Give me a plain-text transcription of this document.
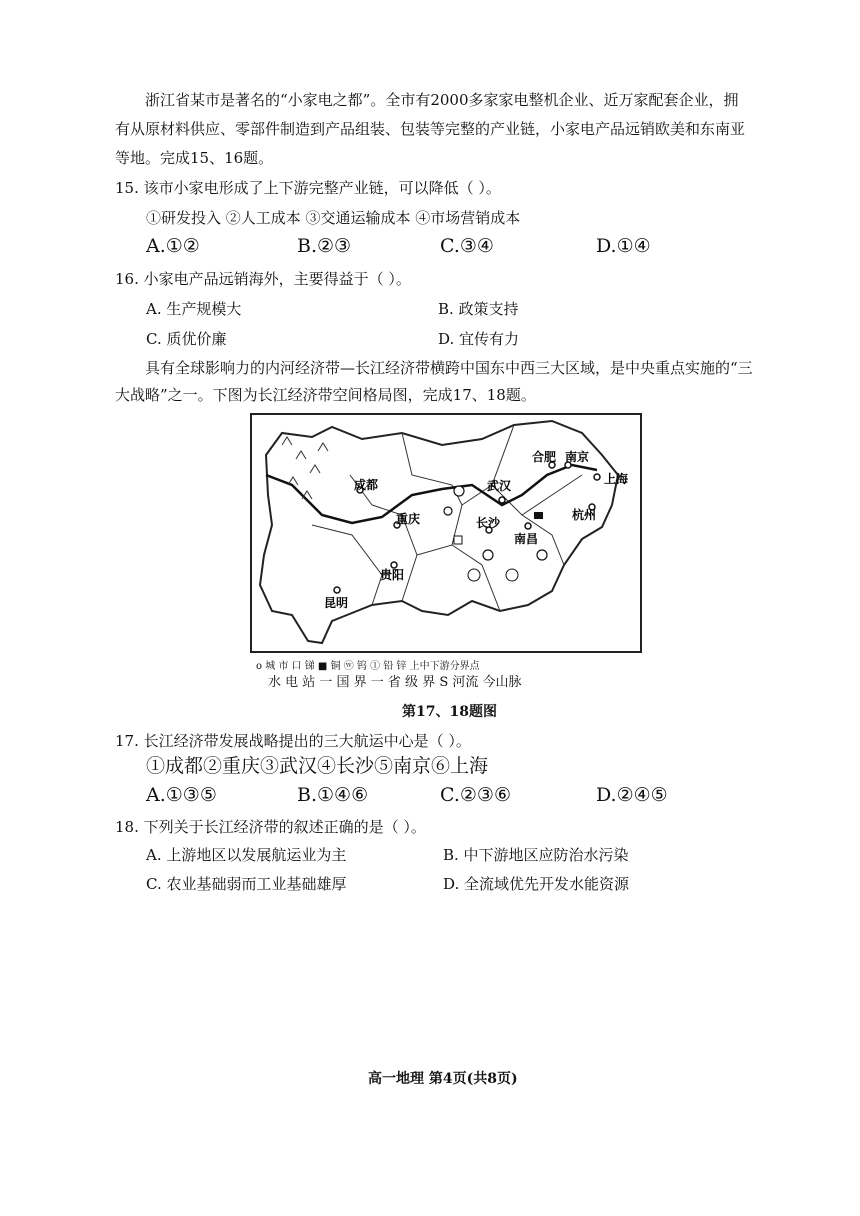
浙江省某市是著名的“小家电之都”。全市有2000多家家电整机企业、近万家配套企业，拥
有从原材料供应、零部件制造到产品组装、包装等完整的产业链，小家电产品远销欧美和东南亚
等地。完成15、16题。
15. 该市小家电形成了上下游完整产业链，可以降低（ ）。
①研发投入 ②人工成本 ③交通运输成本 ④市场营销成本
A.①②	B.②③	C.③④	D.①④
16. 小家电产品远销海外，主要得益于（ ）。
A. 生产规模大	B. 政策支持
C. 质优价廉	D. 宜传有力
具有全球影响力的内河经济带—长江经济带横跨中国东中西三大区域，是中央重点实施的“三
大战略”之一。下图为长江经济带空间格局图，完成17、18题。
成都
重庆
贵阳
昆明
武汉
长沙
南昌
合肥 南京
上海
杭州
o 城 市 口 锑 ■ 铜 ⓦ 钨 ① 铅 锌 上中下游分界点
水 电 站 一 国 界 一 省 级 界 S 河流 今山脉
第17、18题图
17. 长江经济带发展战略提出的三大航运中心是（ ）。
①成都②重庆③武汉④长沙⑤南京⑥上海
A.①③⑤	B.①④⑥	C.②③⑥	D.②④⑤
18. 下列关于长江经济带的叙述正确的是（ ）。
A. 上游地区以发展航运业为主	B. 中下游地区应防治水污染
C. 农业基础弱而工业基础雄厚	D. 全流域优先开发水能资源
高一地理 第4页(共8页)
